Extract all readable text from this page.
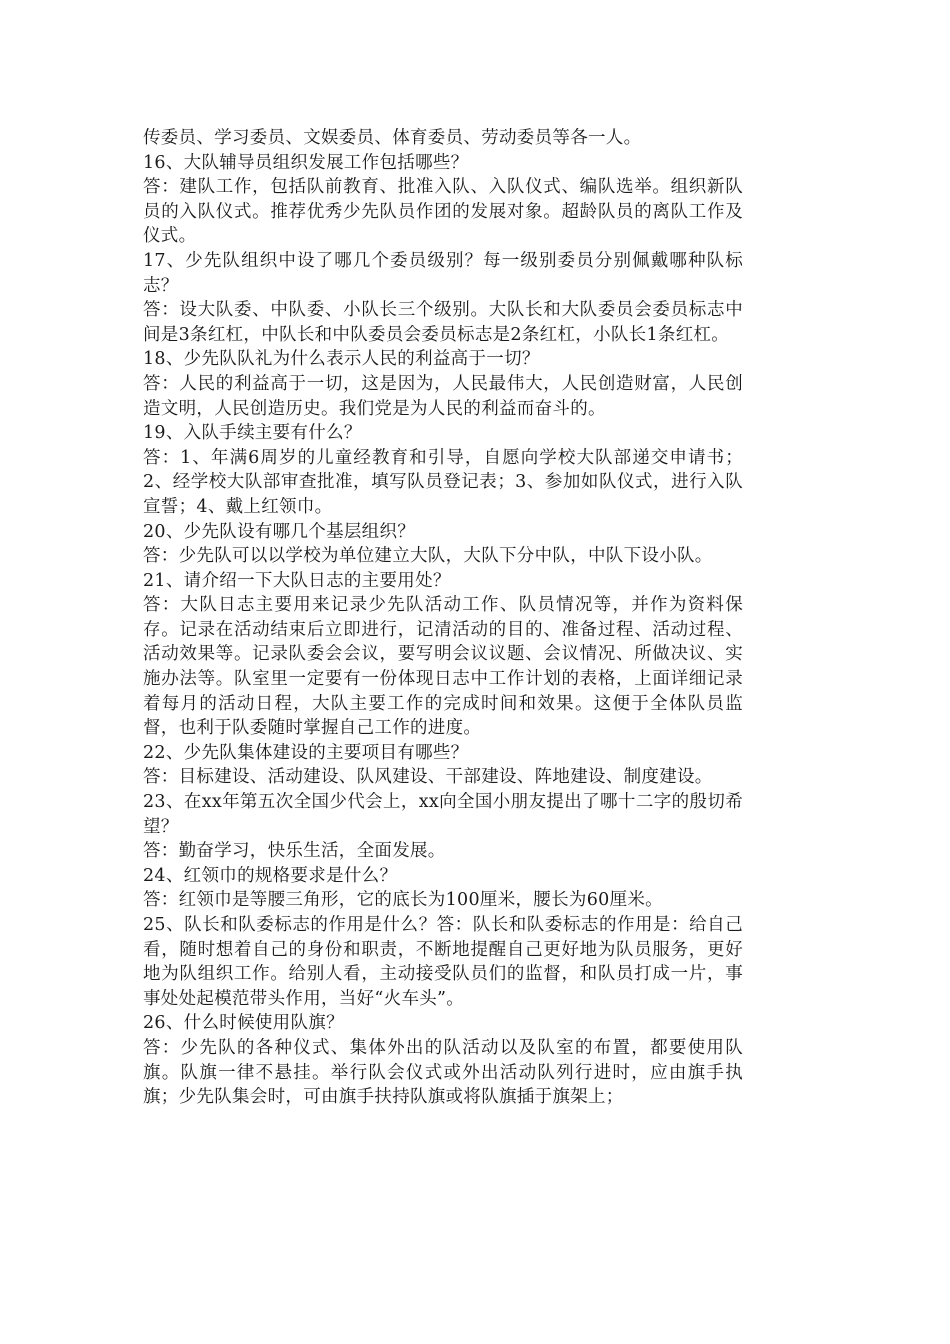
传委员、学习委员、文娱委员、体育委员、劳动委员等各一人。

16、大队辅导员组织发展工作包括哪些？

答：建队工作，包括队前教育、批准入队、入队仪式、编队选举。组织新队员的入队仪式。推荐优秀少先队员作团的发展对象。超龄队员的离队工作及仪式。

17、少先队组织中设了哪几个委员级别？每一级别委员分别佩戴哪种队标志？

答：设大队委、中队委、小队长三个级别。大队长和大队委员会委员标志中间是3条红杠，中队长和中队委员会委员标志是2条红杠，小队长1条红杠。

18、少先队队礼为什么表示人民的利益高于一切？

答：人民的利益高于一切，这是因为，人民最伟大，人民创造财富，人民创造文明，人民创造历史。我们党是为人民的利益而奋斗的。

19、入队手续主要有什么？

答：1、年满6周岁的儿童经教育和引导，自愿向学校大队部递交申请书；2、经学校大队部审查批准，填写队员登记表；3、参加如队仪式，进行入队宣誓；4、戴上红领巾。

20、少先队设有哪几个基层组织？

答：少先队可以以学校为单位建立大队，大队下分中队，中队下设小队。

21、请介绍一下大队日志的主要用处？

答：大队日志主要用来记录少先队活动工作、队员情况等，并作为资料保存。记录在活动结束后立即进行，记清活动的目的、准备过程、活动过程、活动效果等。记录队委会会议，要写明会议议题、会议情况、所做决议、实施办法等。队室里一定要有一份体现日志中工作计划的表格，上面详细记录着每月的活动日程，大队主要工作的完成时间和效果。这便于全体队员监督，也利于队委随时掌握自己工作的进度。

22、少先队集体建设的主要项目有哪些？

答：目标建设、活动建设、队风建设、干部建设、阵地建设、制度建设。

23、在xx年第五次全国少代会上，xx向全国小朋友提出了哪十二字的殷切希望？

答：勤奋学习，快乐生活，全面发展。

24、红领巾的规格要求是什么？

答：红领巾是等腰三角形，它的底长为100厘米，腰长为60厘米。

25、队长和队委标志的作用是什么？答：队长和队委标志的作用是：给自己看，随时想着自己的身份和职责，不断地提醒自己更好地为队员服务，更好地为队组织工作。给别人看，主动接受队员们的监督，和队员打成一片，事事处处起模范带头作用，当好“火车头”。

26、什么时候使用队旗？

答：少先队的各种仪式、集体外出的队活动以及队室的布置，都要使用队旗。队旗一律不悬挂。举行队会仪式或外出活动队列行进时，应由旗手执旗；少先队集会时，可由旗手扶持队旗或将队旗插于旗架上；
